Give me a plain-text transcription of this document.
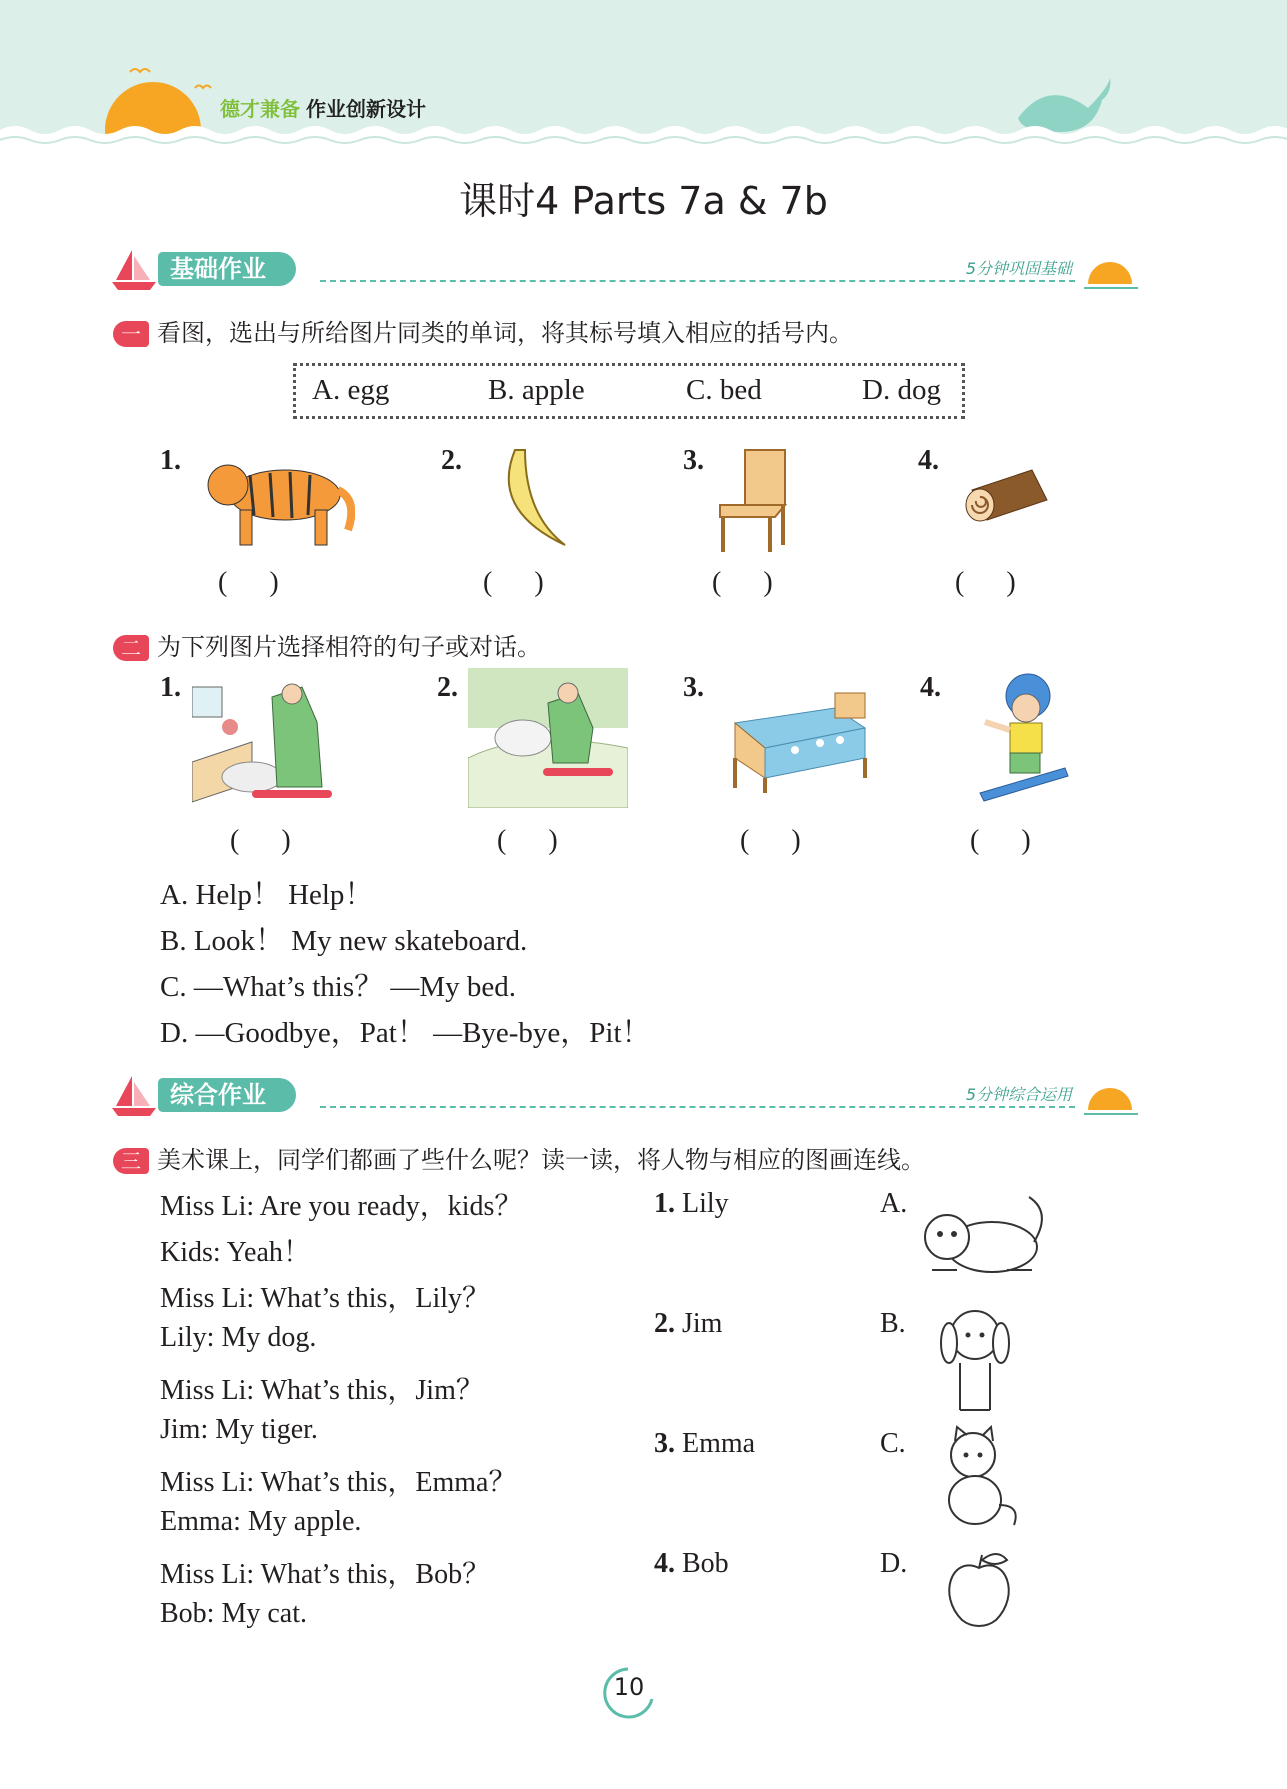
德才兼备 作业创新设计
课时4 Parts 7a & 7b
基础作业	5分钟巩固基础
一 看图，选出与所给图片同类的单词，将其标号填入相应的括号内。
A. egg	B. apple	C. bed	D. dog
1.	2.	3.	4.
(      )	(      )	(      )	(      )
二 为下列图片选择相符的句子或对话。
1.	2.	3.	4.
(      )	(      )	(      )	(      )
A. Help！ Help！
B. Look！ My new skateboard.
C. —What’s this？ —My bed.
D. —Goodbye，Pat！ —Bye-bye，Pit！
综合作业	5分钟综合运用
三 美术课上，同学们都画了些什么呢？读一读，将人物与相应的图画连线。
Miss Li: Are you ready，kids？
Kids: Yeah！
Miss Li: What’s this，Lily？
Lily: My dog.
Miss Li: What’s this，Jim？
Jim: My tiger.
Miss Li: What’s this，Emma？
Emma: My apple.
Miss Li: What’s this，Bob？
Bob: My cat.
1. Lily
2. Jim
3. Emma
4. Bob
A.
B.
C.
D.
10
